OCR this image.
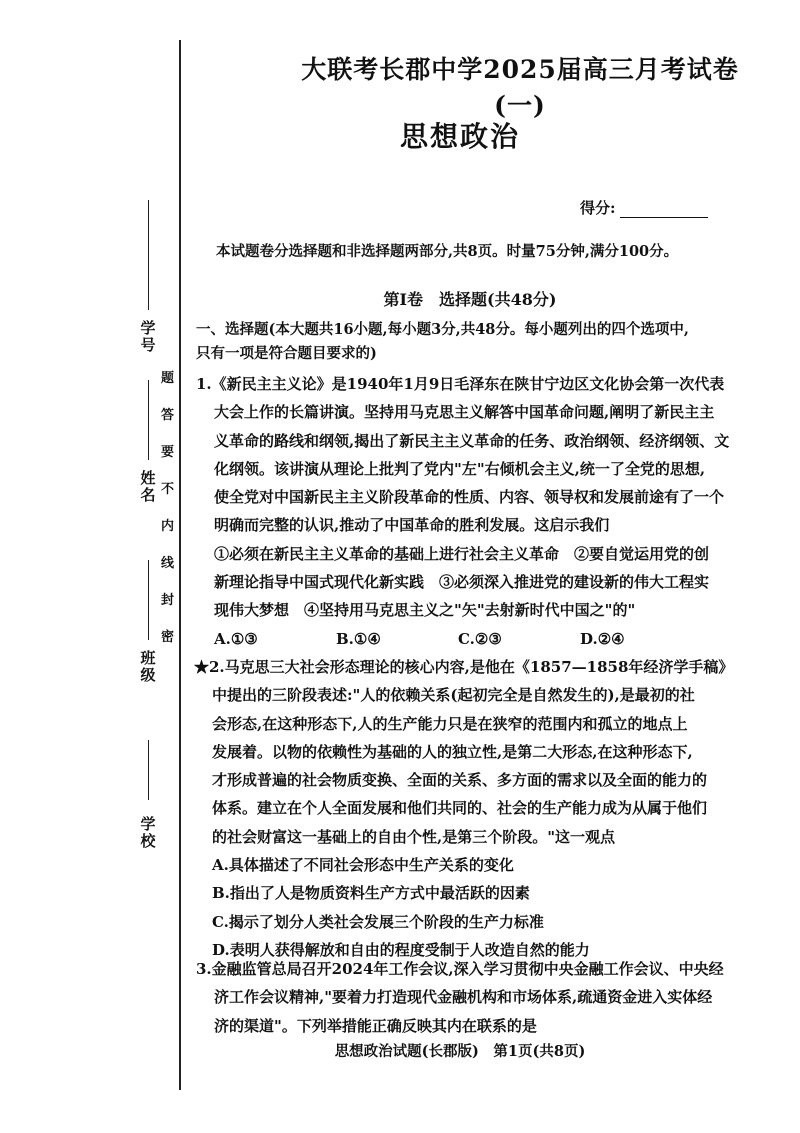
学号
姓名
班级
学校
题
答
要
不
内
线
封
密
大联考长郡中学2025届高三月考试卷(一)
思想政治
得分:
本试题卷分选择题和非选择题两部分,共8页。时量75分钟,满分100分。
第Ⅰ卷　选择题(共48分)
一、选择题(本大题共16小题,每小题3分,共48分。每小题列出的四个选项中,
只有一项是符合题目要求的)
1.《新民主主义论》是1940年1月9日毛泽东在陕甘宁边区文化协会第一次代表
大会上作的长篇讲演。坚持用马克思主义解答中国革命问题,阐明了新民主主
义革命的路线和纲领,揭出了新民主主义革命的任务、政治纲领、经济纲领、文
化纲领。该讲演从理论上批判了党内"左"右倾机会主义,统一了全党的思想,
使全党对中国新民主主义阶段革命的性质、内容、领导权和发展前途有了一个
明确而完整的认识,推动了中国革命的胜利发展。这启示我们
①必须在新民主主义革命的基础上进行社会主义革命　②要自觉运用党的创
新理论指导中国式现代化新实践　③必须深入推进党的建设新的伟大工程实
现伟大梦想　④坚持用马克思主义之"矢"去射新时代中国之"的"
A.①③	B.①④	C.②③	D.②④
★2.马克思三大社会形态理论的核心内容,是他在《1857—1858年经济学手稿》
中提出的三阶段表述:"人的依赖关系(起初完全是自然发生的),是最初的社
会形态,在这种形态下,人的生产能力只是在狭窄的范围内和孤立的地点上
发展着。以物的依赖性为基础的人的独立性,是第二大形态,在这种形态下,
才形成普遍的社会物质变换、全面的关系、多方面的需求以及全面的能力的
体系。建立在个人全面发展和他们共同的、社会的生产能力成为从属于他们
的社会财富这一基础上的自由个性,是第三个阶段。"这一观点
A.具体描述了不同社会形态中生产关系的变化
B.指出了人是物质资料生产方式中最活跃的因素
C.揭示了划分人类社会发展三个阶段的生产力标准
D.表明人获得解放和自由的程度受制于人改造自然的能力
3.金融监管总局召开2024年工作会议,深入学习贯彻中央金融工作会议、中央经
济工作会议精神,"要着力打造现代金融机构和市场体系,疏通资金进入实体经
济的渠道"。下列举措能正确反映其内在联系的是
思想政治试题(长郡版)　第1页(共8页)
